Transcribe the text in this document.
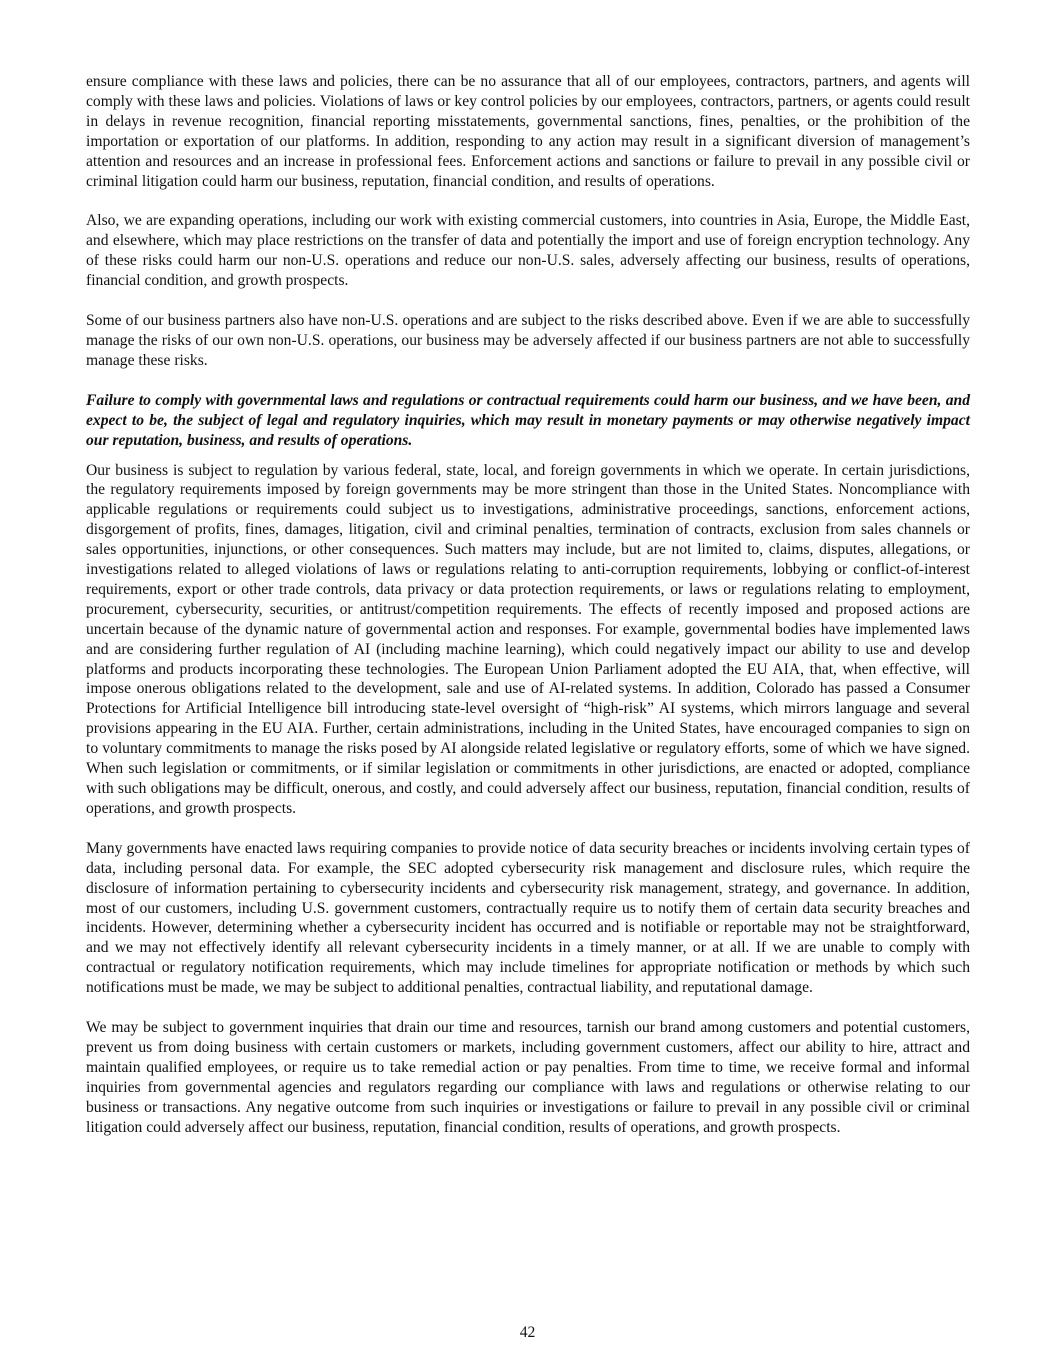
ensure compliance with these laws and policies, there can be no assurance that all of our employees, contractors, partners, and agents will comply with these laws and policies. Violations of laws or key control policies by our employees, contractors, partners, or agents could result in delays in revenue recognition, financial reporting misstatements, governmental sanctions, fines, penalties, or the prohibition of the importation or exportation of our platforms. In addition, responding to any action may result in a significant diversion of management’s attention and resources and an increase in professional fees. Enforcement actions and sanctions or failure to prevail in any possible civil or criminal litigation could harm our business, reputation, financial condition, and results of operations.

Also, we are expanding operations, including our work with existing commercial customers, into countries in Asia, Europe, the Middle East, and elsewhere, which may place restrictions on the transfer of data and potentially the import and use of foreign encryption technology. Any of these risks could harm our non-U.S. operations and reduce our non-U.S. sales, adversely affecting our business, results of operations, financial condition, and growth prospects.

Some of our business partners also have non-U.S. operations and are subject to the risks described above. Even if we are able to successfully manage the risks of our own non-U.S. operations, our business may be adversely affected if our business partners are not able to successfully manage these risks.

Failure to comply with governmental laws and regulations or contractual requirements could harm our business, and we have been, and expect to be, the subject of legal and regulatory inquiries, which may result in monetary payments or may otherwise negatively impact our reputation, business, and results of operations.

Our business is subject to regulation by various federal, state, local, and foreign governments in which we operate. In certain jurisdictions, the regulatory requirements imposed by foreign governments may be more stringent than those in the United States. Noncompliance with applicable regulations or requirements could subject us to investigations, administrative proceedings, sanctions, enforcement actions, disgorgement of profits, fines, damages, litigation, civil and criminal penalties, termination of contracts, exclusion from sales channels or sales opportunities, injunctions, or other consequences. Such matters may include, but are not limited to, claims, disputes, allegations, or investigations related to alleged violations of laws or regulations relating to anti-corruption requirements, lobbying or conflict-of-interest requirements, export or other trade controls, data privacy or data protection requirements, or laws or regulations relating to employment, procurement, cybersecurity, securities, or antitrust/competition requirements. The effects of recently imposed and proposed actions are uncertain because of the dynamic nature of governmental action and responses. For example, governmental bodies have implemented laws and are considering further regulation of AI (including machine learning), which could negatively impact our ability to use and develop platforms and products incorporating these technologies. The European Union Parliament adopted the EU AIA, that, when effective, will impose onerous obligations related to the development, sale and use of AI-related systems. In addition, Colorado has passed a Consumer Protections for Artificial Intelligence bill introducing state-level oversight of “high-risk” AI systems, which mirrors language and several provisions appearing in the EU AIA. Further, certain administrations, including in the United States, have encouraged companies to sign on to voluntary commitments to manage the risks posed by AI alongside related legislative or regulatory efforts, some of which we have signed. When such legislation or commitments, or if similar legislation or commitments in other jurisdictions, are enacted or adopted, compliance with such obligations may be difficult, onerous, and costly, and could adversely affect our business, reputation, financial condition, results of operations, and growth prospects.

Many governments have enacted laws requiring companies to provide notice of data security breaches or incidents involving certain types of data, including personal data. For example, the SEC adopted cybersecurity risk management and disclosure rules, which require the disclosure of information pertaining to cybersecurity incidents and cybersecurity risk management, strategy, and governance. In addition, most of our customers, including U.S. government customers, contractually require us to notify them of certain data security breaches and incidents. However, determining whether a cybersecurity incident has occurred and is notifiable or reportable may not be straightforward, and we may not effectively identify all relevant cybersecurity incidents in a timely manner, or at all. If we are unable to comply with contractual or regulatory notification requirements, which may include timelines for appropriate notification or methods by which such notifications must be made, we may be subject to additional penalties, contractual liability, and reputational damage.

We may be subject to government inquiries that drain our time and resources, tarnish our brand among customers and potential customers, prevent us from doing business with certain customers or markets, including government customers, affect our ability to hire, attract and maintain qualified employees, or require us to take remedial action or pay penalties. From time to time, we receive formal and informal inquiries from governmental agencies and regulators regarding our compliance with laws and regulations or otherwise relating to our business or transactions. Any negative outcome from such inquiries or investigations or failure to prevail in any possible civil or criminal litigation could adversely affect our business, reputation, financial condition, results of operations, and growth prospects.

42
